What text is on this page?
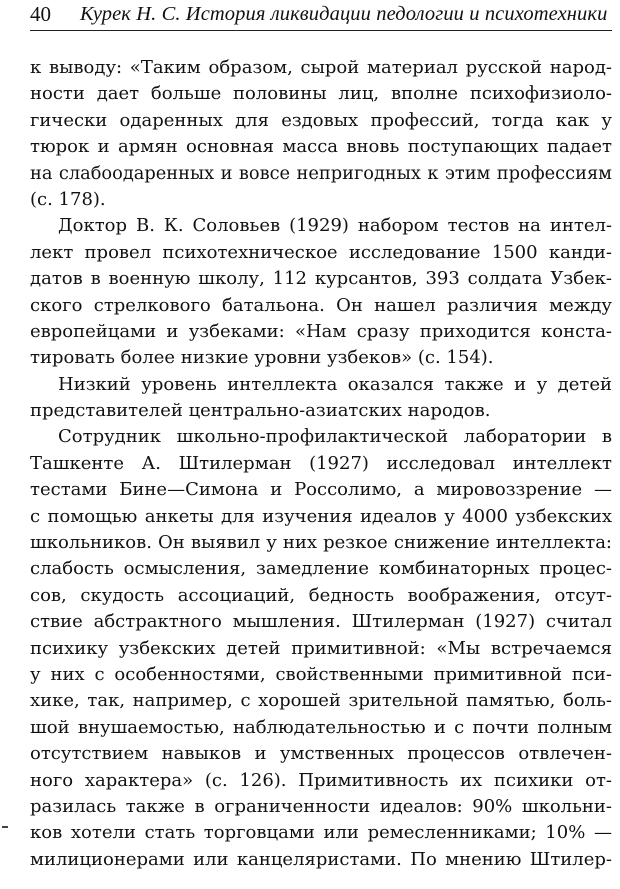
40 Курек Н. С. История ликвидации педологии и психотехники
к выводу: «Таким образом, сырой материал русской народ-
ности дает больше половины лиц, вполне психофизиоло-
гически одаренных для ездовых профессий, тогда как у
тюрок и армян основная масса вновь поступающих падает
на слабоодаренных и вовсе непригодных к этим профессиям
(с. 178).
Доктор В. К. Соловьев (1929) набором тестов на интел-
лект провел психотехническое исследование 1500 канди-
датов в военную школу, 112 курсантов, 393 солдата Узбек-
ского стрелкового батальона. Он нашел различия между
европейцами и узбеками: «Нам сразу приходится конста-
тировать более низкие уровни узбеков» (с. 154).
Низкий уровень интеллекта оказался также и у детей
представителей центрально-азиатских народов.
Сотрудник школьно-профилактической лаборатории в
Ташкенте А. Штилерман (1927) исследовал интеллект
тестами Бине—Симона и Россолимо, а мировоззрение —
с помощью анкеты для изучения идеалов у 4000 узбекских
школьников. Он выявил у них резкое снижение интеллекта:
слабость осмысления, замедление комбинаторных процес-
сов, скудость ассоциаций, бедность воображения, отсут-
ствие абстрактного мышления. Штилерман (1927) считал
психику узбекских детей примитивной: «Мы встречаемся
у них с особенностями, свойственными примитивной пси-
хике, так, например, с хорошей зрительной памятью, боль-
шой внушаемостью, наблюдательностью и с почти полным
отсутствием навыков и умственных процессов отвлечен-
ного характера» (с. 126). Примитивность их психики от-
разилась также в ограниченности идеалов: 90% школьни-
ков хотели стать торговцами или ремесленниками; 10% —
милиционерами или канцеляристами. По мнению Штилер-
